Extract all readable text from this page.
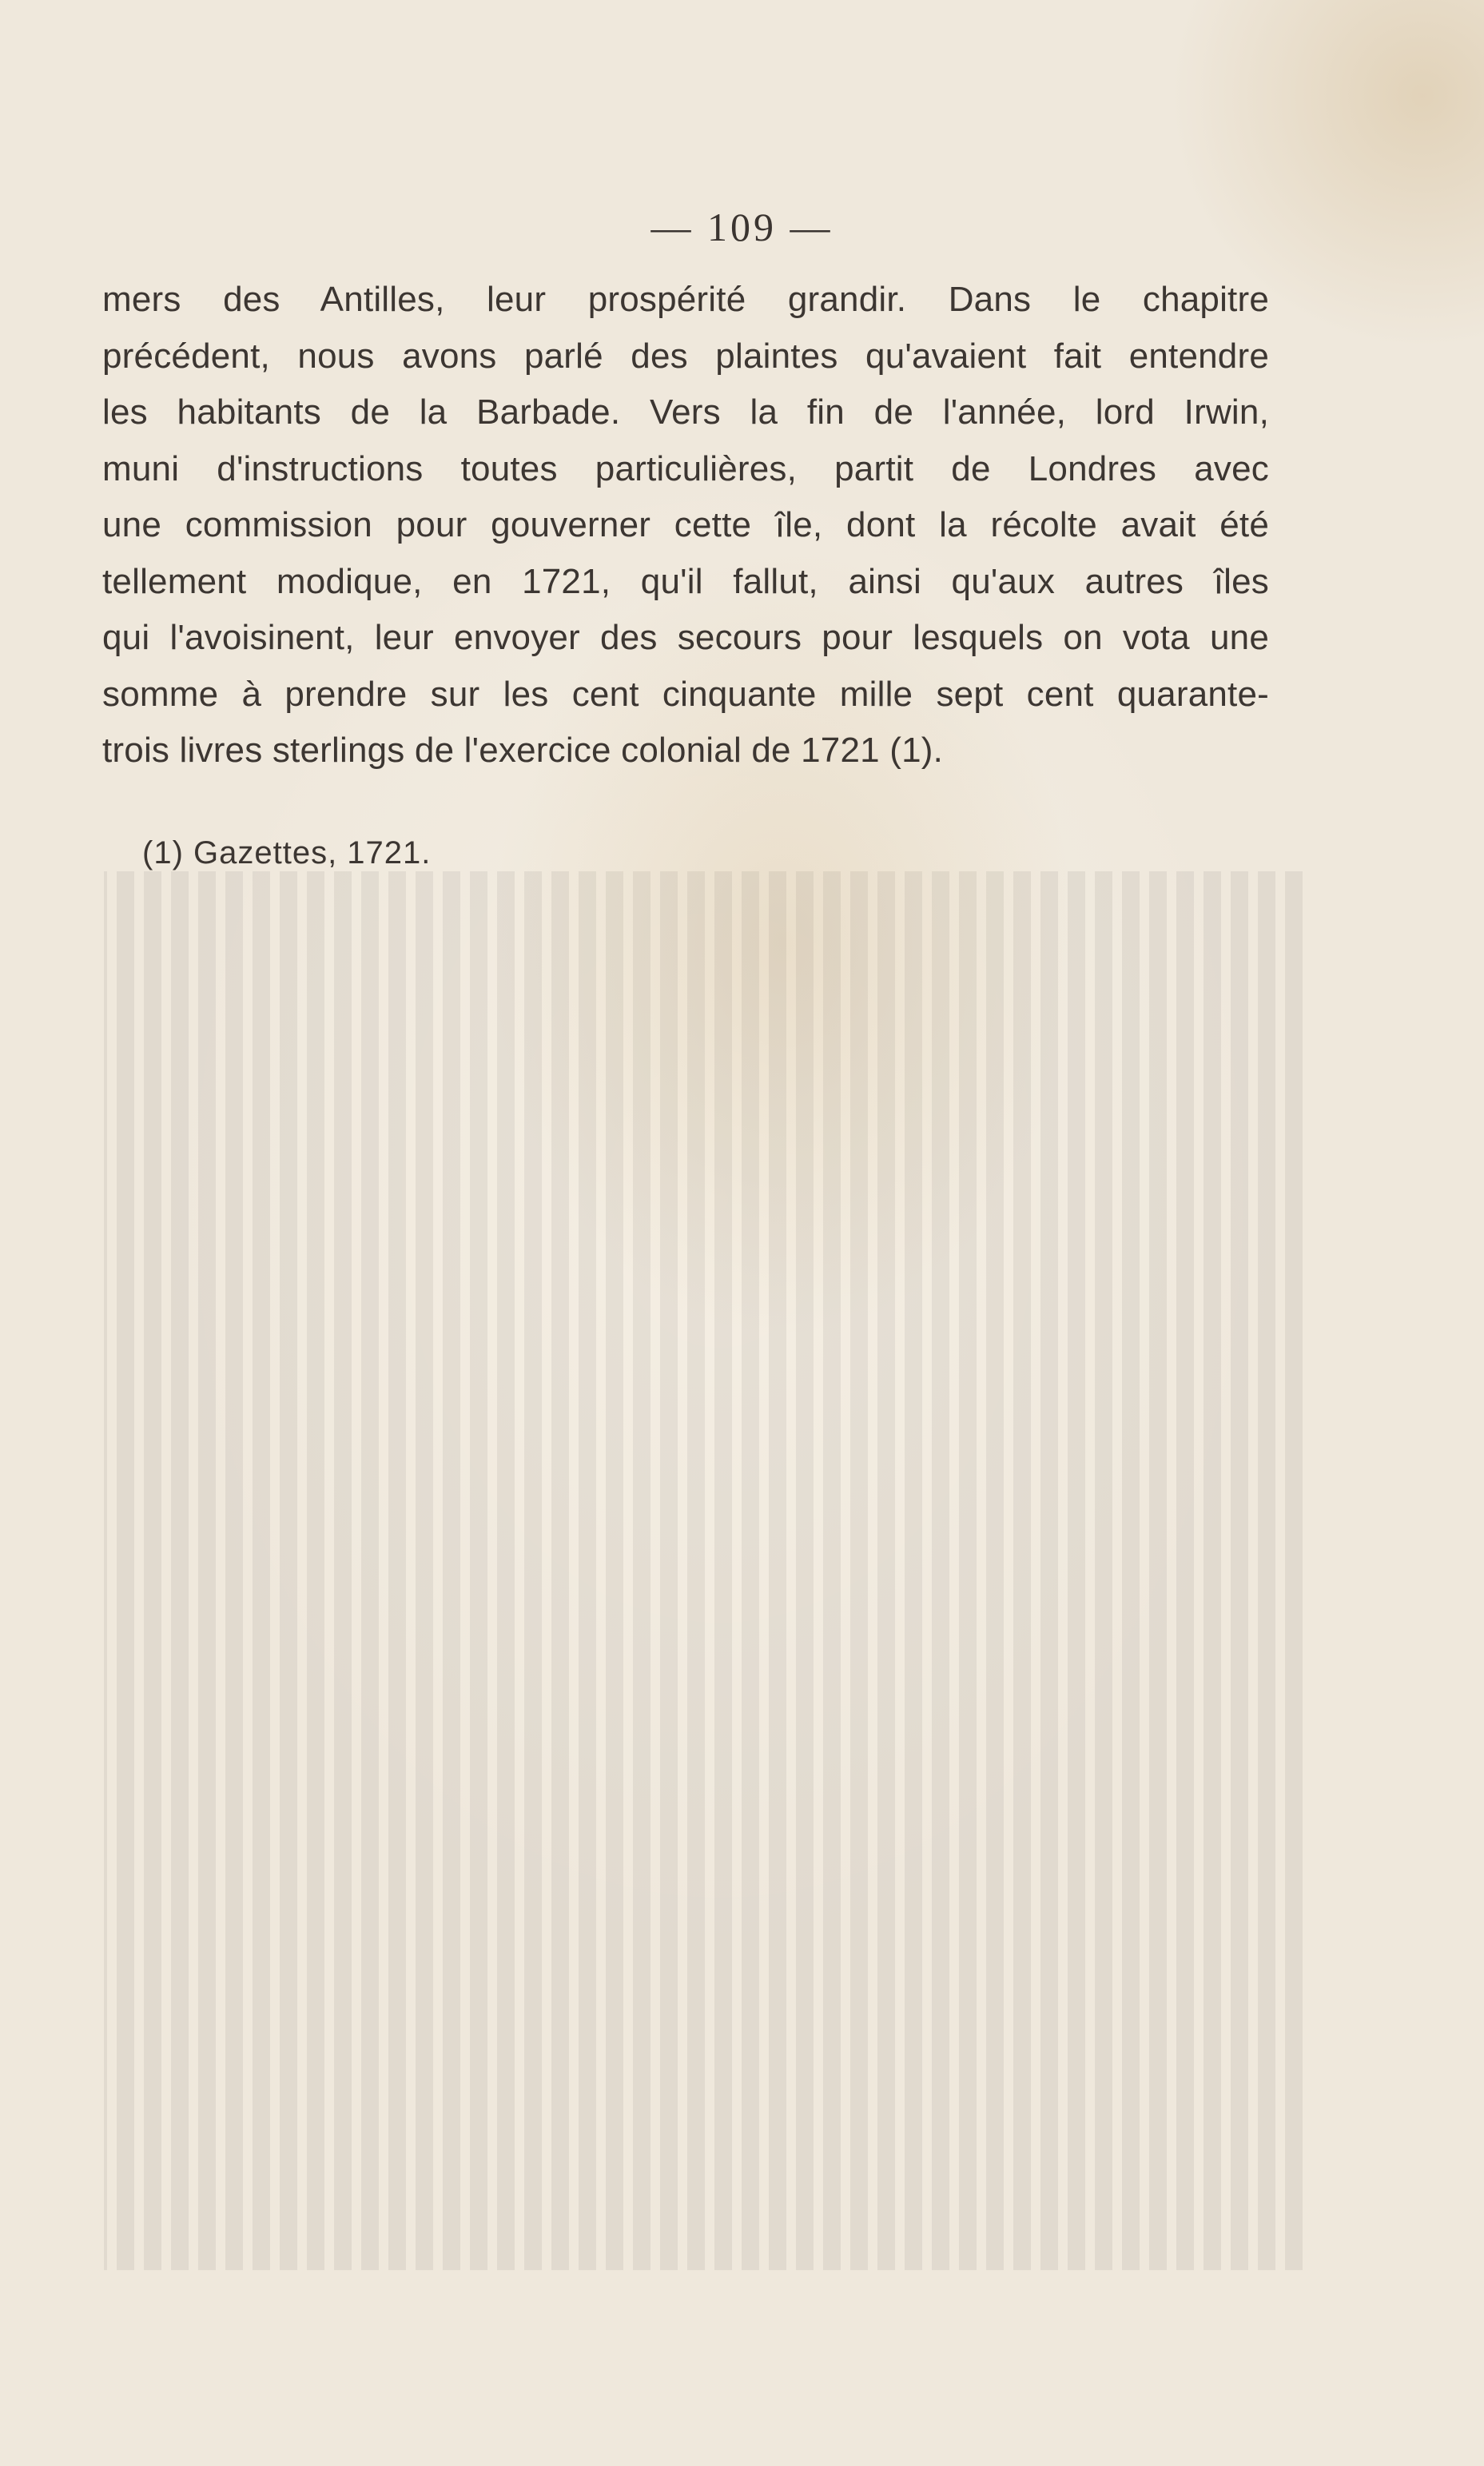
— 109 —
mers des Antilles, leur prospérité grandir. Dans le chapitre
précédent, nous avons parlé des plaintes qu'avaient fait entendre
les habitants de la Barbade. Vers la fin de l'année, lord Irwin,
muni d'instructions toutes particulières, partit de Londres avec
une commission pour gouverner cette île, dont la récolte avait été
tellement modique, en 1721, qu'il fallut, ainsi qu'aux autres îles
qui l'avoisinent, leur envoyer des secours pour lesquels on vota une
somme à prendre sur les cent cinquante mille sept cent quarante-
trois livres sterlings de l'exercice colonial de 1721 (1).
(1) Gazettes, 1721.
